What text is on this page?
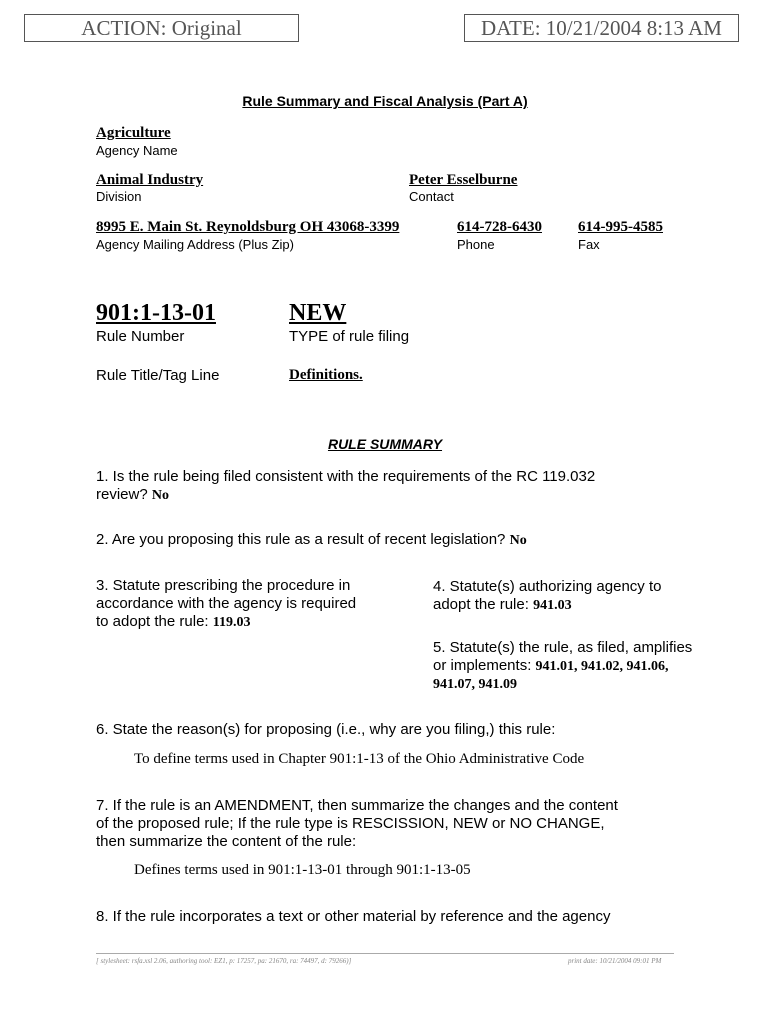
ACTION: Original	DATE: 10/21/2004 8:13 AM
Rule Summary and Fiscal Analysis (Part A)
Agriculture
Agency Name
Animal Industry
Division
Peter Esselburne
Contact
8995 E. Main St. Reynoldsburg OH 43068-3399
Agency Mailing Address (Plus Zip)
614-728-6430
Phone
614-995-4585
Fax
901:1-13-01
Rule Number
NEW
TYPE of rule filing
Rule Title/Tag Line	Definitions.
RULE SUMMARY
1. Is the rule being filed consistent with the requirements of the RC 119.032
review? No
2. Are you proposing this rule as a result of recent legislation? No
3. Statute prescribing the procedure in
accordance with the agency is required
to adopt the rule: 119.03
4. Statute(s) authorizing agency to
adopt the rule: 941.03
5. Statute(s) the rule, as filed, amplifies
or implements: 941.01, 941.02, 941.06,
941.07, 941.09
6. State the reason(s) for proposing (i.e., why are you filing,) this rule:
To define terms used in Chapter 901:1-13 of the Ohio Administrative Code
7. If the rule is an AMENDMENT, then summarize the changes and the content
of the proposed rule; If the rule type is RESCISSION, NEW or NO CHANGE,
then summarize the content of the rule:
Defines terms used in 901:1-13-01 through 901:1-13-05
8. If the rule incorporates a text or other material by reference and the agency
[ stylesheet: rsfa.xsl 2.06, authoring tool: EZ1, p: 17257, pa: 21670, ra: 74497, d: 79266)]	print date: 10/21/2004 09:01 PM
